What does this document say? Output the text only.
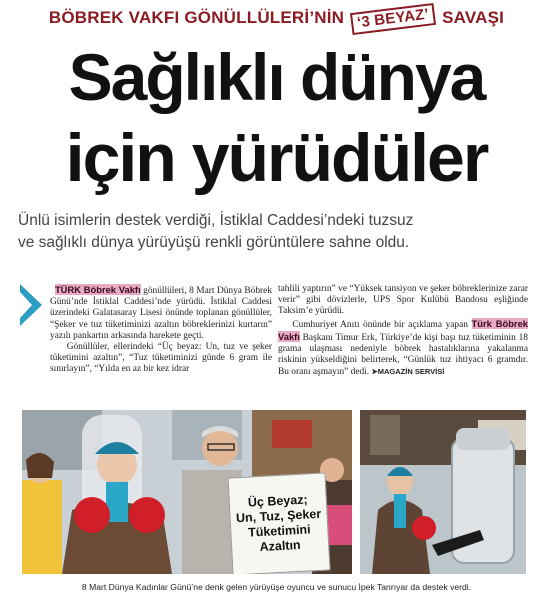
BÖBREK VAKFI GÖNÜLLÜLERİ’NİN ‘3 BEYAZ’ SAVAŞI
Sağlıklı dünya
için yürüdüler

Ünlü isimlerin destek verdiği, İstiklal Caddesi’ndeki tuzsuz

ve sağlıklı dünya yürüyüşü renkli görüntülere sahne oldu.

TÜRK Böbrek Vakfı gönüllüleri, 8 Mart Dünya Böbrek Günü’nde İstiklal Caddesi’nde yürüdü. İstiklal Caddesi üzerindeki Galatasaray Lisesi önünde toplanan gönüllüler, “Şeker ve tuz tüketiminizi azaltın böbreklerinizi kurtarın” yazılı pankartın arkasında harekete geçti.

Gönüllüler, ellerindeki “Üç beyaz: Un, tuz ve şeker tüketimini azaltın”, “Tuz tüketiminizi günde 6 gram ile sınırlayın”, “Yılda en az bir kez idrar

tahlili yaptırın” ve “Yüksek tansiyon ve şeker böbreklerinize zarar verir” gibi dövizlerle, UPS Spor Kulübü Bandosu eşliğinde Taksim’e yürüdü.

Cumhuriyet Anıtı önünde bir açıklama yapan Türk Böbrek Vakfı Başkanı Timur Erk, Türkiye’de kişi başı tuz tüketiminin 18 grama ulaşması nedeniyle böbrek hastalıklarına yakalanma riskinin yükseldiğini belirterek, “Günlük tuz ihtiyacı 6 gramdır. Bu oranı aşmayın” dedi. ➤MAGAZİN SERVİSİ

Üç Beyaz;
Un, Tuz, Şeker
Tüketimini
Azaltın
8 Mart Dünya Kadınlar Günü’ne denk gelen yürüyüşe oyuncu ve sunucu İpek Tanrıyar da destek verdi.
